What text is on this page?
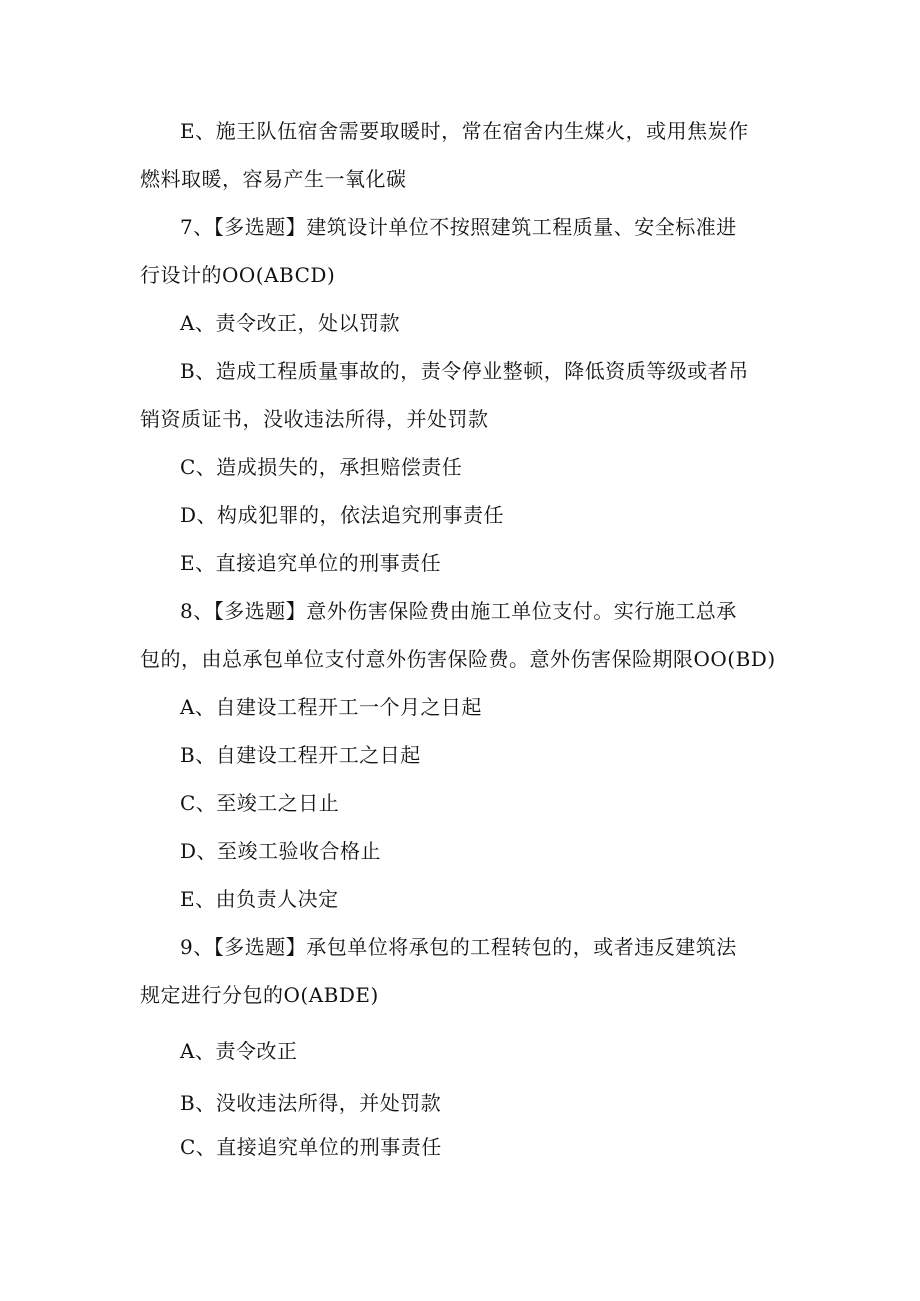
E、施王队伍宿舍需要取暖时，常在宿舍内生煤火，或用焦炭作
燃料取暖，容易产生一氧化碳
7、【多选题】建筑设计单位不按照建筑工程质量、安全标准进
行设计的OO(ABCD)
A、责令改正，处以罚款
B、造成工程质量事故的，责令停业整顿，降低资质等级或者吊
销资质证书，没收违法所得，并处罚款
C、造成损失的，承担赔偿责任
D、构成犯罪的，依法追究刑事责任
E、直接追究单位的刑事责任
8、【多选题】意外伤害保险费由施工单位支付。实行施工总承
包的，由总承包单位支付意外伤害保险费。意外伤害保险期限OO(BD)
A、自建设工程开工一个月之日起
B、自建设工程开工之日起
C、至竣工之日止
D、至竣工验收合格止
E、由负责人决定
9、【多选题】承包单位将承包的工程转包的，或者违反建筑法
规定进行分包的O(ABDE)
A、责令改正
B、没收违法所得，并处罚款
C、直接追究单位的刑事责任
